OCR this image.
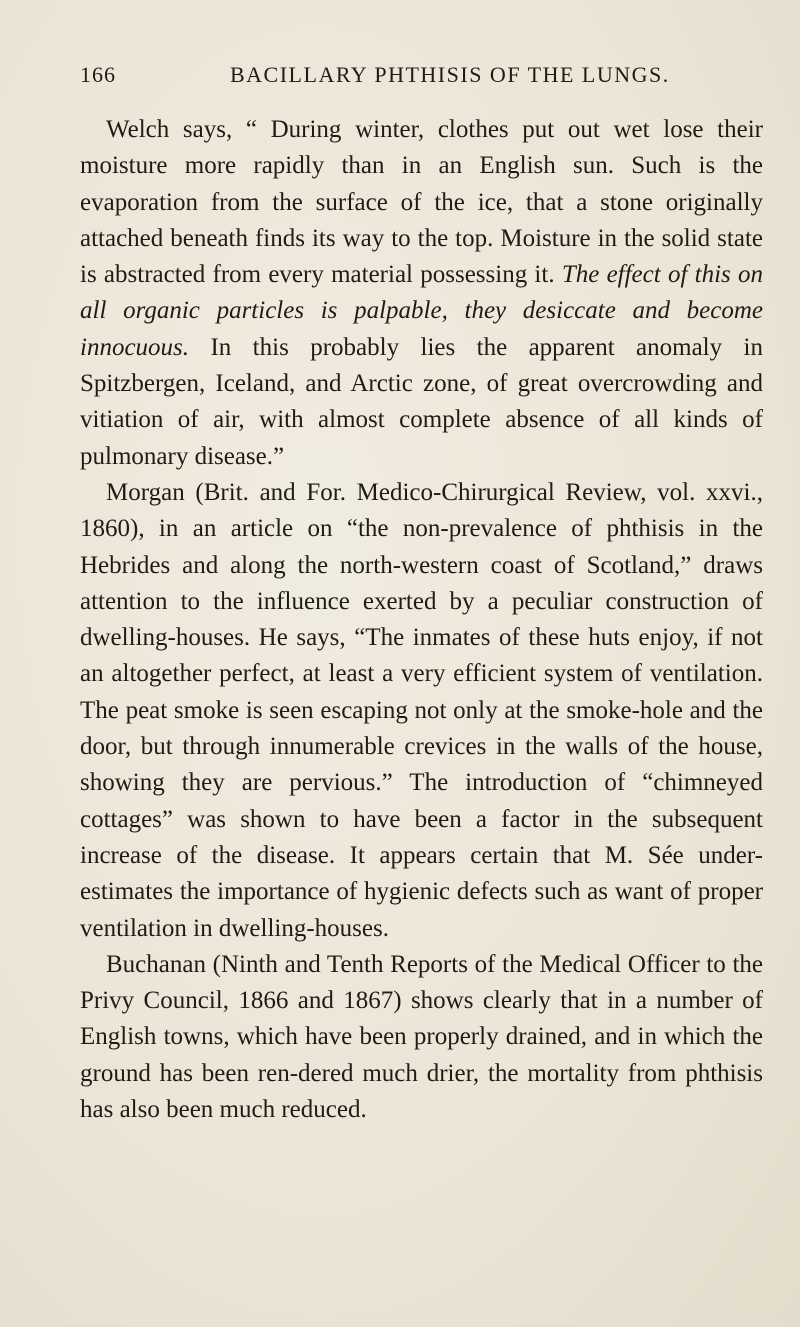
166	BACILLARY PHTHISIS OF THE LUNGS.

Welch says, “ During winter, clothes put out wet lose their moisture more rapidly than in an English sun. Such is the evaporation from the surface of the ice, that a stone originally attached beneath finds its way to the top. Moisture in the solid state is abstracted from every material possessing it. The effect of this on all organic particles is palpable, they desiccate and become innocuous. In this probably lies the apparent anomaly in Spitzbergen, Iceland, and Arctic zone, of great overcrowding and vitiation of air, with almost complete absence of all kinds of pulmonary disease.”

Morgan (Brit. and For. Medico-Chirurgical Review, vol. xxvi., 1860), in an article on “the non-prevalence of phthisis in the Hebrides and along the north-western coast of Scotland,” draws attention to the influence exerted by a peculiar construction of dwelling-houses. He says, “The inmates of these huts enjoy, if not an altogether perfect, at least a very efficient system of ventilation. The peat smoke is seen escaping not only at the smoke-hole and the door, but through innumerable crevices in the walls of the house, showing they are pervious.” The introduction of “chimneyed cottages” was shown to have been a factor in the subsequent increase of the disease. It appears certain that M. Sée under-estimates the importance of hygienic defects such as want of proper ventilation in dwelling-houses.

Buchanan (Ninth and Tenth Reports of the Medical Officer to the Privy Council, 1866 and 1867) shows clearly that in a number of English towns, which have been properly drained, and in which the ground has been ren-dered much drier, the mortality from phthisis has also been much reduced.
